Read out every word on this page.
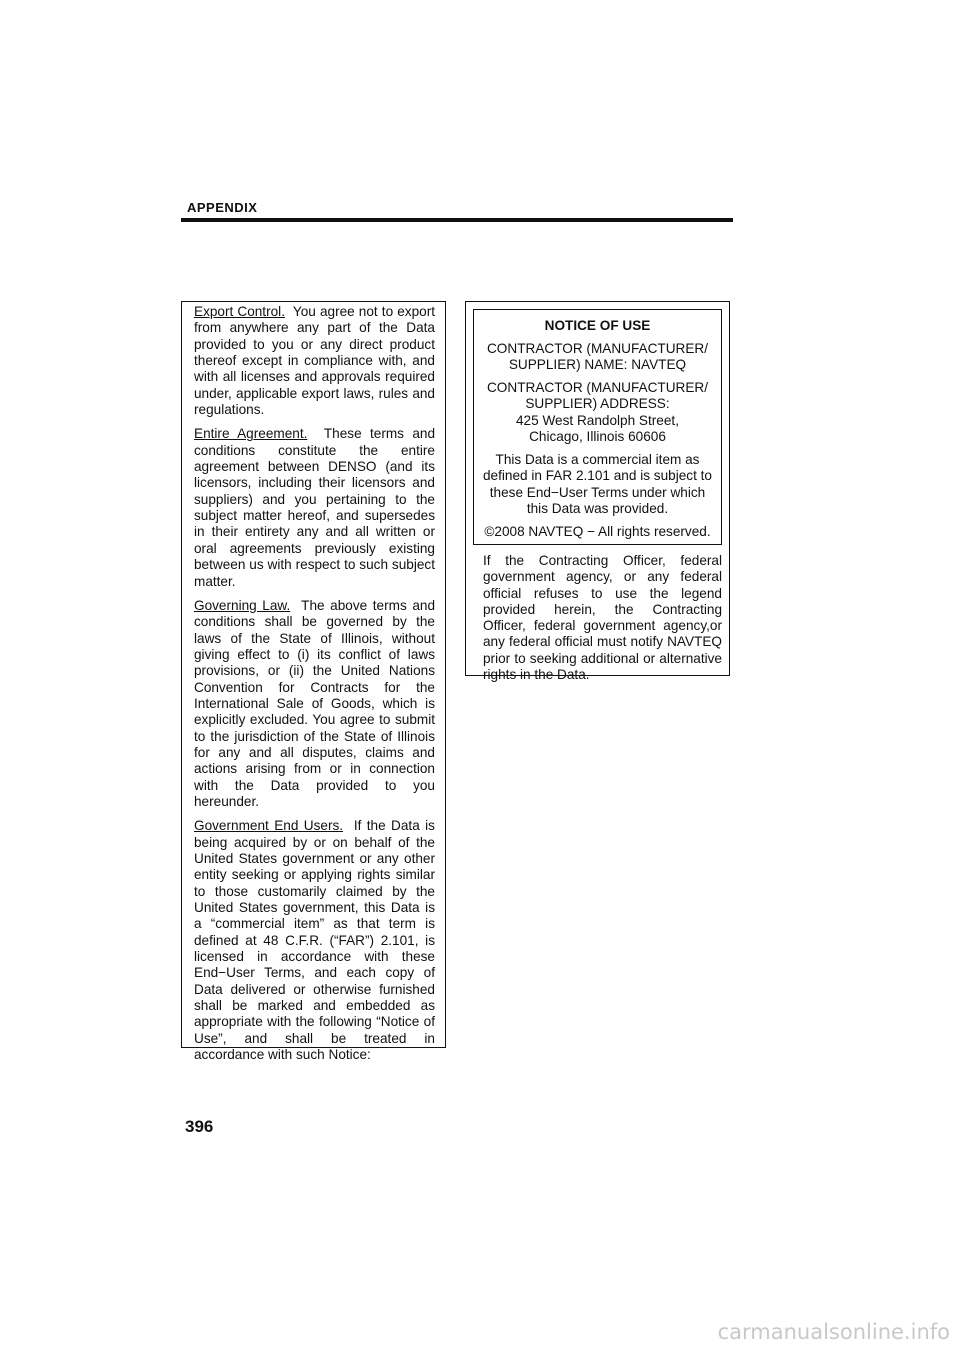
APPENDIX

Export Control. You agree not to export from anywhere any part of the Data provided to you or any direct product thereof except in compliance with, and with all licenses and approvals required under, applicable export laws, rules and regulations.

Entire Agreement. These terms and conditions constitute the entire agreement between DENSO (and its licensors, including their licensors and suppliers) and you pertaining to the subject matter hereof, and supersedes in their entirety any and all written or oral agreements previously existing between us with respect to such subject matter.

Governing Law. The above terms and conditions shall be governed by the laws of the State of Illinois, without giving effect to (i) its conflict of laws provisions, or (ii) the United Nations Convention for Contracts for the International Sale of Goods, which is explicitly excluded. You agree to submit to the jurisdiction of the State of Illinois for any and all disputes, claims and actions arising from or in connection with the Data provided to you hereunder.

Government End Users. If the Data is being acquired by or on behalf of the United States government or any other entity seeking or applying rights similar to those customarily claimed by the United States government, this Data is a “commercial item” as that term is defined at 48 C.F.R. (“FAR”) 2.101, is licensed in accordance with these End−User Terms, and each copy of Data delivered or otherwise furnished shall be marked and embedded as appropriate with the following “Notice of Use”, and shall be treated in accordance with such Notice:

NOTICE OF USE

CONTRACTOR (MANUFACTURER/ SUPPLIER) NAME: NAVTEQ

CONTRACTOR (MANUFACTURER/ SUPPLIER) ADDRESS:
425 West Randolph Street,
Chicago, Illinois 60606

This Data is a commercial item as defined in FAR 2.101 and is subject to these End−User Terms under which this Data was provided.

©2008 NAVTEQ − All rights reserved.

If the Contracting Officer, federal government agency, or any federal official refuses to use the legend provided herein, the Contracting Officer, federal government agency,or any federal official must notify NAVTEQ prior to seeking additional or alternative rights in the Data.

396
carmanualsonline.info
